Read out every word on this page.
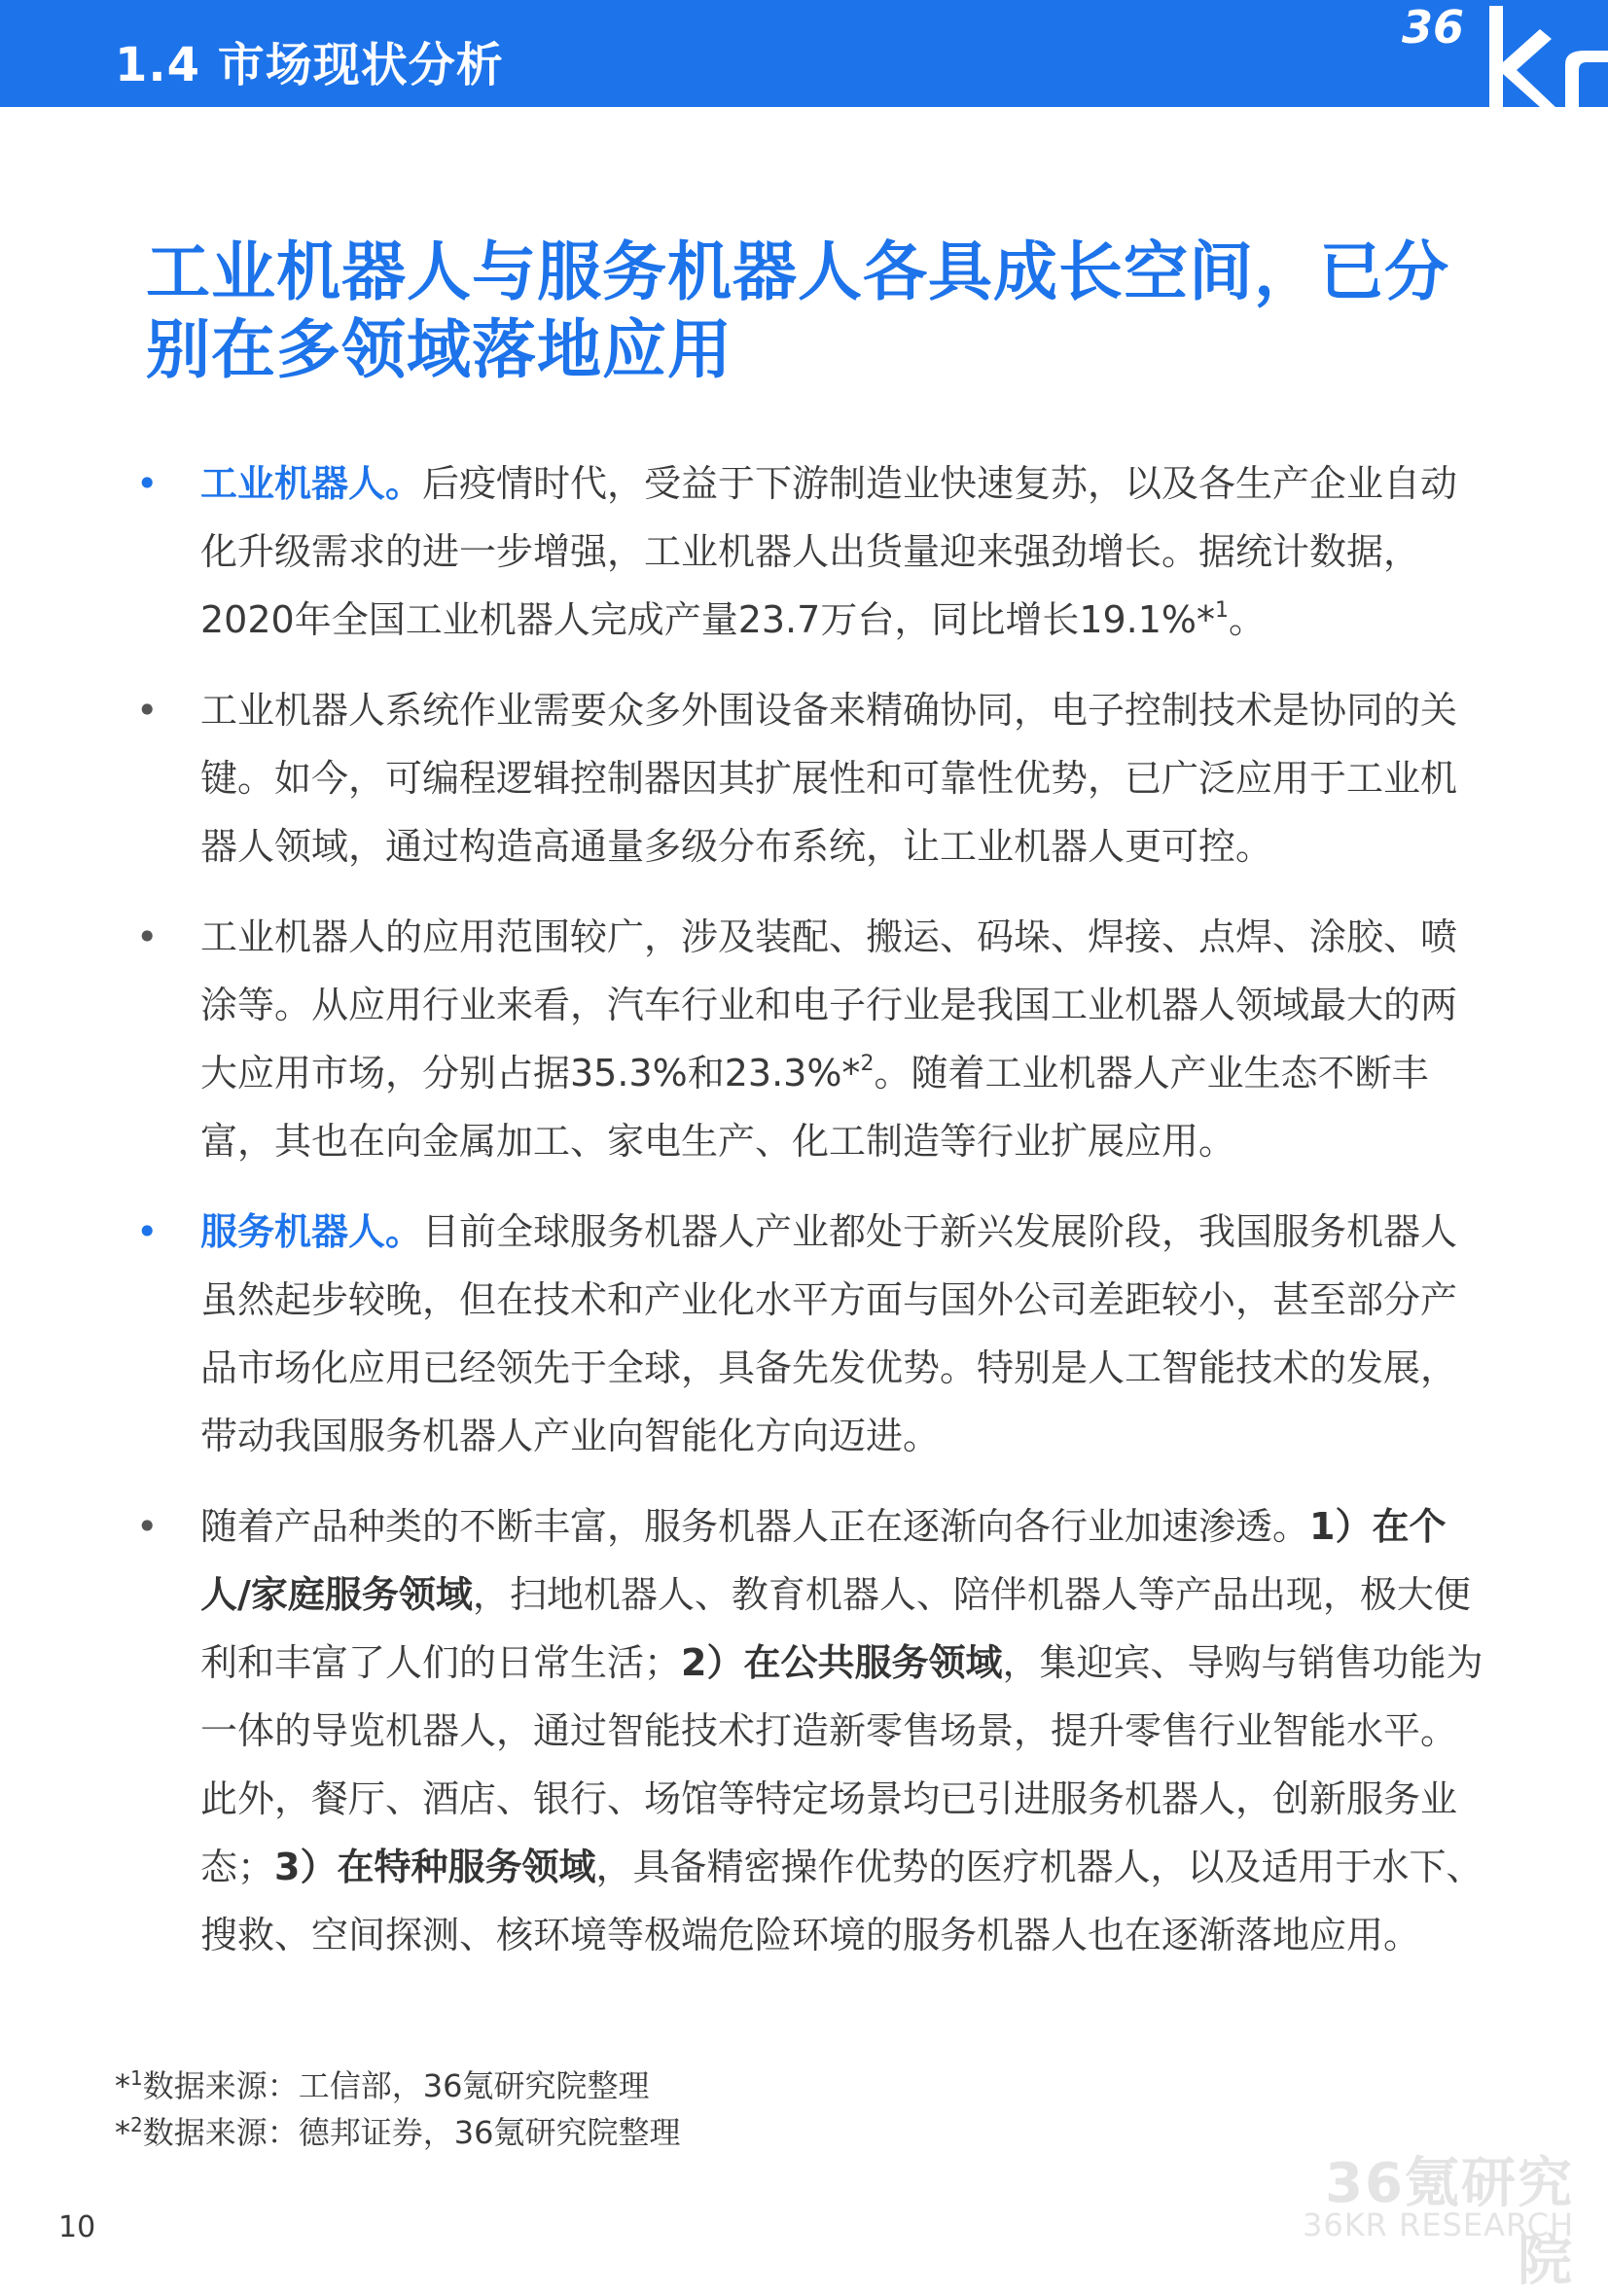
1.4 市场现状分析
36
工业机器人与服务机器人各具成长空间，已分
别在多领域落地应用
• 工业机器人。后疫情时代，受益于下游制造业快速复苏，以及各生产企业自动化升级需求的进一步增强，工业机器人出货量迎来强劲增长。据统计数据，2020年全国工业机器人完成产量23.7万台，同比增长19.1%*$^1$。
• 工业机器人系统作业需要众多外围设备来精确协同，电子控制技术是协同的关键。如今，可编程逻辑控制器因其扩展性和可靠性优势，已广泛应用于工业机器人领域，通过构造高通量多级分布系统，让工业机器人更可控。
• 工业机器人的应用范围较广，涉及装配、搬运、码垛、焊接、点焊、涂胶、喷涂等。从应用行业来看，汽车行业和电子行业是我国工业机器人领域最大的两大应用市场，分别占据35.3%和23.3%*$^2$。随着工业机器人产业生态不断丰富，其也在向金属加工、家电生产、化工制造等行业扩展应用。
• 服务机器人。目前全球服务机器人产业都处于新兴发展阶段，我国服务机器人虽然起步较晚，但在技术和产业化水平方面与国外公司差距较小，甚至部分产品市场化应用已经领先于全球，具备先发优势。特别是人工智能技术的发展，带动我国服务机器人产业向智能化方向迈进。
• 随着产品种类的不断丰富，服务机器人正在逐渐向各行业加速渗透。1）在个人/家庭服务领域，扫地机器人、教育机器人、陪伴机器人等产品出现，极大便利和丰富了人们的日常生活；2）在公共服务领域，集迎宾、导购与销售功能为一体的导览机器人，通过智能技术打造新零售场景，提升零售行业智能水平。此外，餐厅、酒店、银行、场馆等特定场景均已引进服务机器人，创新服务业态；3）在特种服务领域，具备精密操作优势的医疗机器人，以及适用于水下、搜救、空间探测、核环境等极端危险环境的服务机器人也在逐渐落地应用。
*$^1$数据来源：工信部，36氪研究院整理
*$^2$数据来源：德邦证券，36氪研究院整理
36氪研究院
36KR RESEARCH
10
